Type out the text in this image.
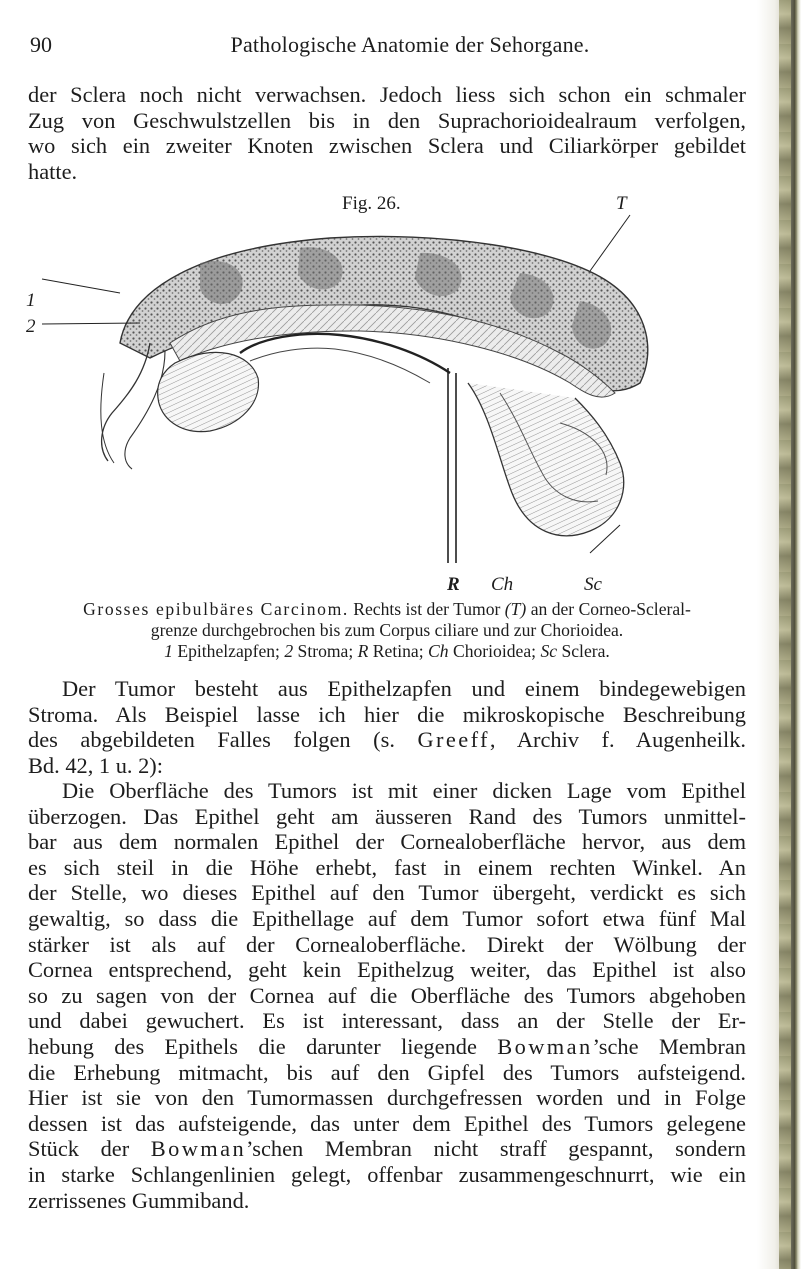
90	Pathologische Anatomie der Sehorgane.
der Sclera noch nicht verwachsen. Jedoch liess sich schon ein schmaler
Zug von Geschwulstzellen bis in den Suprachorioidealraum verfolgen,
wo sich ein zweiter Knoten zwischen Sclera und Ciliarkörper gebildet
hatte.
Fig. 26.	T
1
2
R Ch	Sc
Grosses epibulbäres Carcinom. Rechts ist der Tumor (T) an der Corneo-Scleral-
grenze durchgebrochen bis zum Corpus ciliare und zur Chorioidea.
1 Epithelzapfen; 2 Stroma; R Retina; Ch Chorioidea; Sc Sclera.
Der Tumor besteht aus Epithelzapfen und einem bindegewebigen
Stroma. Als Beispiel lasse ich hier die mikroskopische Beschreibung
des abgebildeten Falles folgen (s. Greeff, Archiv f. Augenheilk.
Bd. 42, 1 u. 2):
Die Oberfläche des Tumors ist mit einer dicken Lage vom Epithel
überzogen. Das Epithel geht am äusseren Rand des Tumors unmittel-
bar aus dem normalen Epithel der Cornealoberfläche hervor, aus dem
es sich steil in die Höhe erhebt, fast in einem rechten Winkel. An
der Stelle, wo dieses Epithel auf den Tumor übergeht, verdickt es sich
gewaltig, so dass die Epithellage auf dem Tumor sofort etwa fünf Mal
stärker ist als auf der Cornealoberfläche. Direkt der Wölbung der
Cornea entsprechend, geht kein Epithelzug weiter, das Epithel ist also
so zu sagen von der Cornea auf die Oberfläche des Tumors abgehoben
und dabei gewuchert. Es ist interessant, dass an der Stelle der Er-
hebung des Epithels die darunter liegende Bowman’sche Membran
die Erhebung mitmacht, bis auf den Gipfel des Tumors aufsteigend.
Hier ist sie von den Tumormassen durchgefressen worden und in Folge
dessen ist das aufsteigende, das unter dem Epithel des Tumors gelegene
Stück der Bowman’schen Membran nicht straff gespannt, sondern
in starke Schlangenlinien gelegt, offenbar zusammengeschnurrt, wie ein
zerrissenes Gummiband.
